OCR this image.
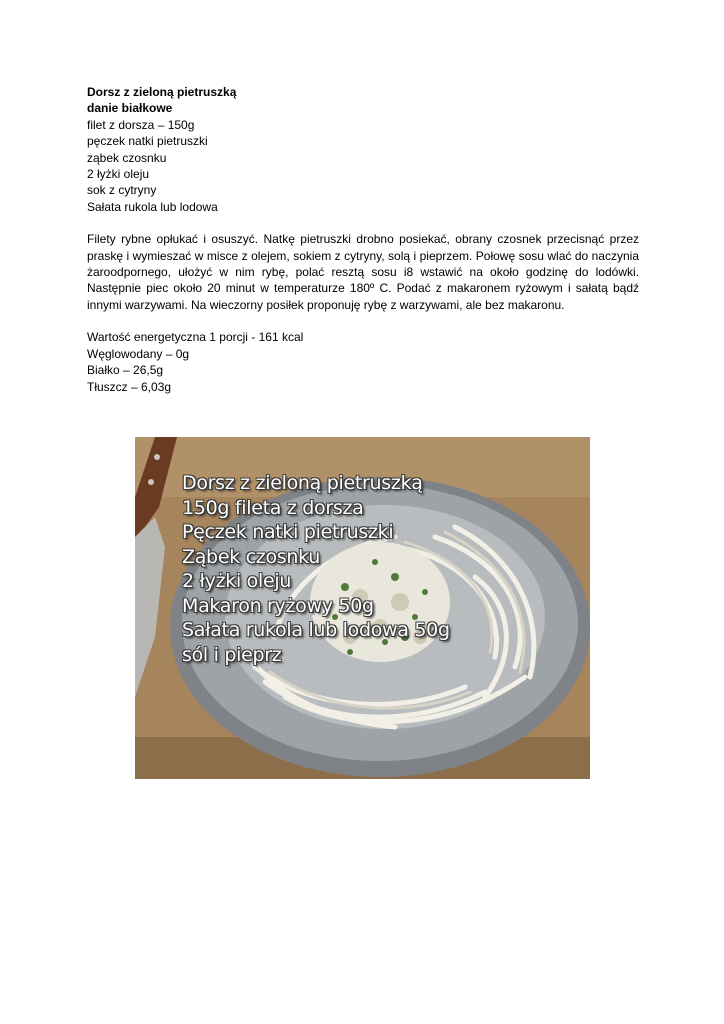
Dorsz z zieloną pietruszką
danie białkowe
filet z dorsza – 150g
pęczek natki pietruszki
ząbek czosnku
2 łyżki oleju
sok z cytryny
Sałata rukola lub lodowa

Filety rybne opłukać i osuszyć. Natkę pietruszki drobno posiekać, obrany czosnek przecisnąć przez praskę i wymieszać w misce z olejem, sokiem z cytryny, solą i pieprzem. Połowę sosu wlać do naczynia żaroodpornego, ułożyć w nim rybę, polać resztą sosu i8 wstawić na około godzinę do lodówki. Następnie piec około 20 minut w temperaturze 180º C. Podać z makaronem ryżowym i sałatą bądź innymi warzywami. Na wieczorny posiłek proponuję rybę z warzywami, ale bez makaronu.

Wartość energetyczna 1 porcji - 161 kcal
Węglowodany – 0g
Białko – 26,5g
Tłuszcz – 6,03g
Dorsz z zieloną pietruszką
150g fileta z dorsza
Pęczek natki pietruszki
Ząbek czosnku
2 łyżki oleju
Makaron ryżowy 50g
Sałata rukola lub lodowa 50g
sól i pieprz
